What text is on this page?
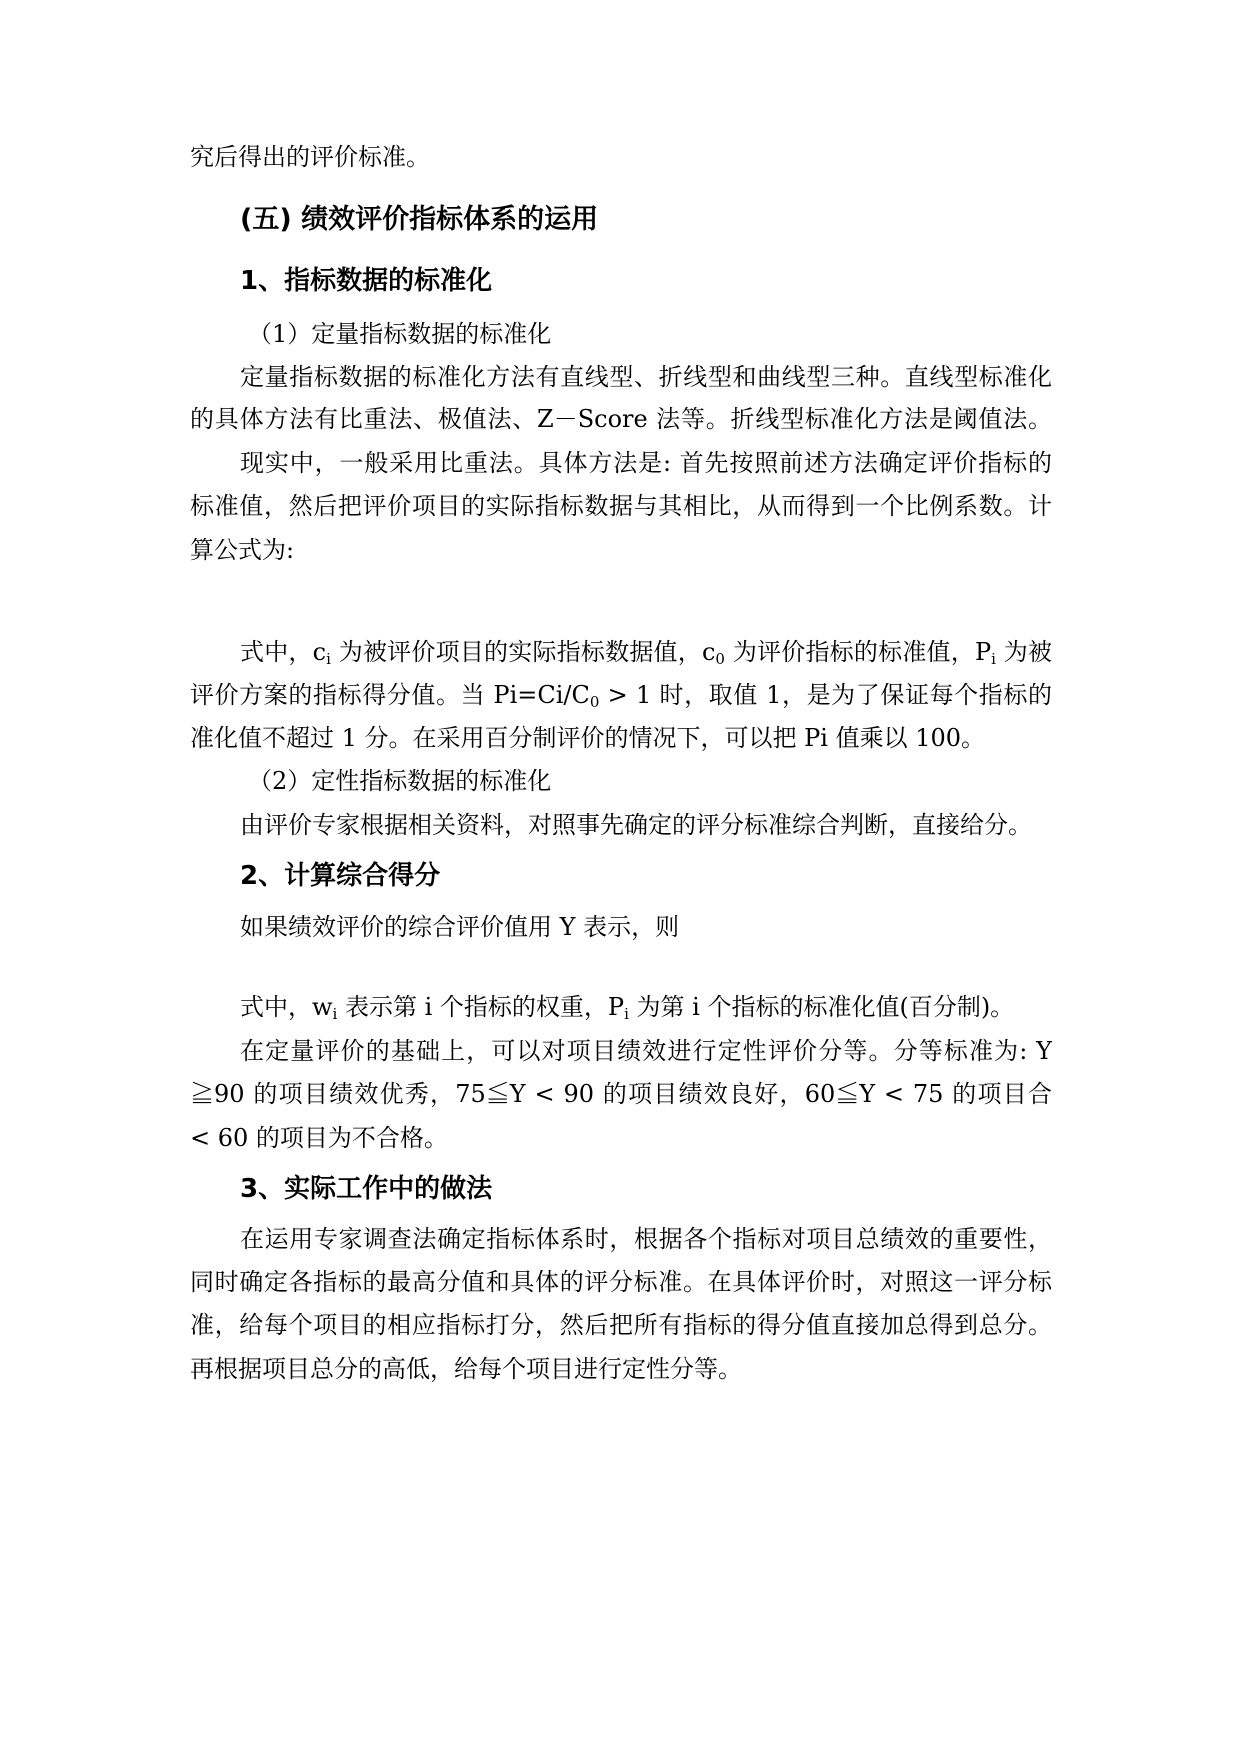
究后得出的评价标准。
(五) 绩效评价指标体系的运用
1、指标数据的标准化
（1）定量指标数据的标准化
定量指标数据的标准化方法有直线型、折线型和曲线型三种。直线型标准化
的具体方法有比重法、极值法、Z－Score 法等。折线型标准化方法是阈值法。
现实中，一般采用比重法。具体方法是: 首先按照前述方法确定评价指标的
标准值，然后把评价项目的实际指标数据与其相比，从而得到一个比例系数。计
算公式为:
式中，$c_i$ 为被评价项目的实际指标数据值，$c_0$ 为评价指标的标准值，$P_i$ 为被
评价方案的指标得分值。当 $Pi=Ci/C_0 > 1$ 时，取值 1，是为了保证每个指标的
准化值不超过 1 分。在采用百分制评价的情况下，可以把 Pi 值乘以 100。
（2）定性指标数据的标准化
由评价专家根据相关资料，对照事先确定的评分标准综合判断，直接给分。
2、计算综合得分
如果绩效评价的综合评价值用 Y 表示，则
式中，$w_i$ 表示第 i 个指标的权重，$P_i$ 为第 i 个指标的标准化值(百分制)。
在定量评价的基础上，可以对项目绩效进行定性评价分等。分等标准为: Y
≧90 的项目绩效优秀，75≦Y < 90 的项目绩效良好，60≦Y < 75 的项目合
< 60 的项目为不合格。
3、实际工作中的做法
在运用专家调查法确定指标体系时，根据各个指标对项目总绩效的重要性，
同时确定各指标的最高分值和具体的评分标准。在具体评价时，对照这一评分标
准，给每个项目的相应指标打分，然后把所有指标的得分值直接加总得到总分。
再根据项目总分的高低，给每个项目进行定性分等。
